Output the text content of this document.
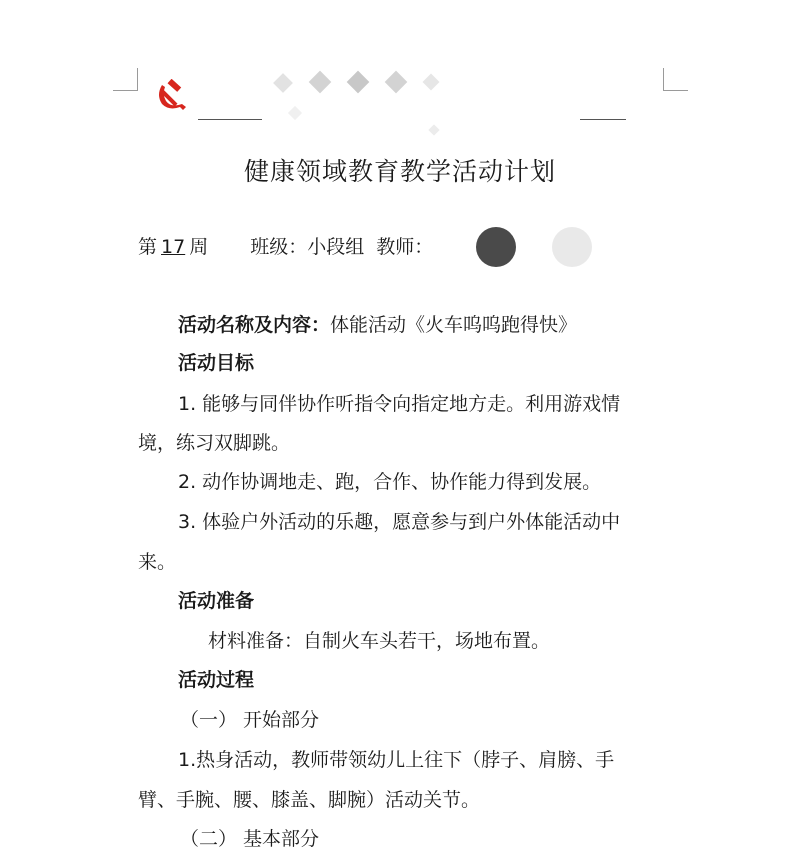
健康领域教育教学活动计划
第 17 周 班级：小段组 教师：
活动名称及内容：体能活动《火车呜呜跑得快》
活动目标
1. 能够与同伴协作听指令向指定地方走。利用游戏情
境，练习双脚跳。
2. 动作协调地走、跑，合作、协作能力得到发展。
3. 体验户外活动的乐趣，愿意参与到户外体能活动中
来。
活动准备
材料准备：自制火车头若干，场地布置。
活动过程
（一） 开始部分
1.热身活动，教师带领幼儿上往下（脖子、肩膀、手
臂、手腕、腰、膝盖、脚腕）活动关节。
（二） 基本部分
